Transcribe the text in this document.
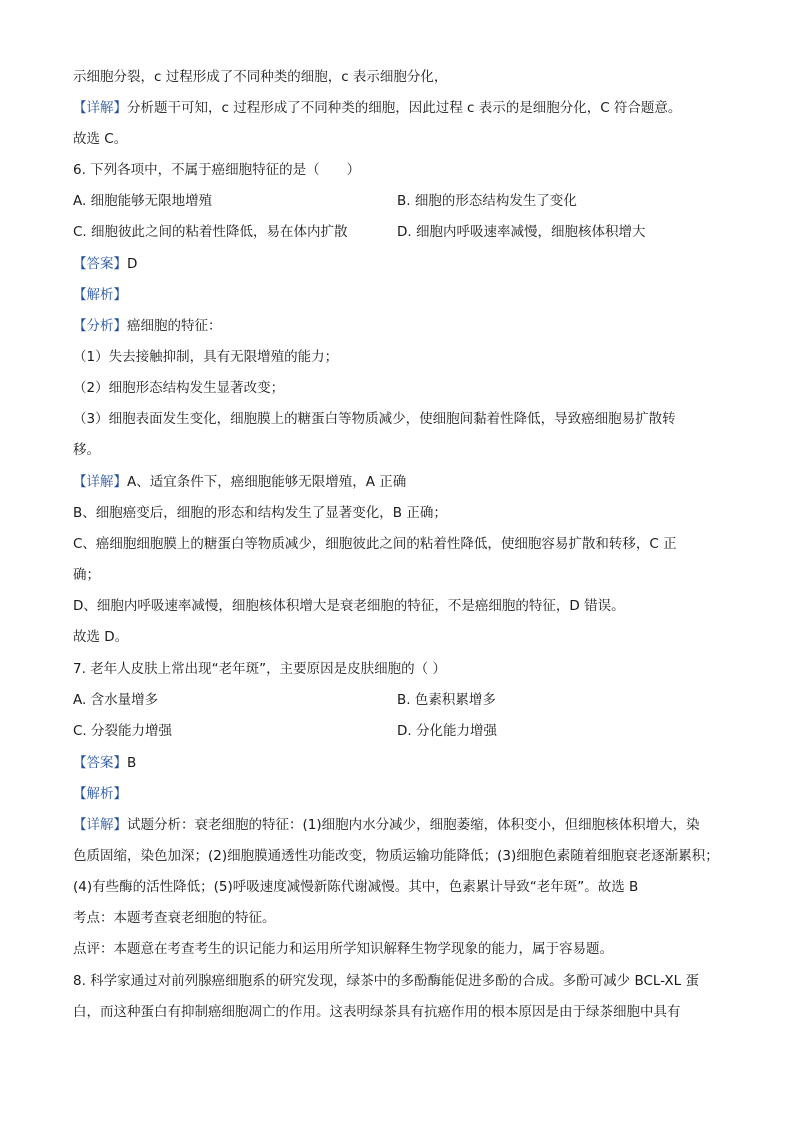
示细胞分裂，c 过程形成了不同种类的细胞，c 表示细胞分化，
【详解】分析题干可知，c 过程形成了不同种类的细胞，因此过程 c 表示的是细胞分化，C 符合题意。
故选 C。
6. 下列各项中，不属于癌细胞特征的是（　　）
A. 细胞能够无限地增殖	B. 细胞的形态结构发生了变化
C. 细胞彼此之间的粘着性降低，易在体内扩散	D. 细胞内呼吸速率减慢，细胞核体积增大
【答案】D
【解析】
【分析】癌细胞的特征：
（1）失去接触抑制，具有无限增殖的能力；
（2）细胞形态结构发生显著改变；
（3）细胞表面发生变化，细胞膜上的糖蛋白等物质减少，使细胞间黏着性降低，导致癌细胞易扩散转
移。
【详解】A、适宜条件下，癌细胞能够无限增殖，A 正确
B、细胞癌变后，细胞的形态和结构发生了显著变化，B 正确；
C、癌细胞细胞膜上的糖蛋白等物质减少，细胞彼此之间的粘着性降低，使细胞容易扩散和转移，C 正
确；
D、细胞内呼吸速率减慢，细胞核体积增大是衰老细胞的特征，不是癌细胞的特征，D 错误。
故选 D。
7. 老年人皮肤上常出现“老年斑”，主要原因是皮肤细胞的（ ）
A. 含水量增多	B. 色素积累增多
C. 分裂能力增强	D. 分化能力增强
【答案】B
【解析】
【详解】试题分析：衰老细胞的特征：(1)细胞内水分减少，细胞萎缩，体积变小，但细胞核体积增大，染
色质固缩，染色加深；(2)细胞膜通透性功能改变，物质运输功能降低；(3)细胞色素随着细胞衰老逐渐累积；
(4)有些酶的活性降低；(5)呼吸速度减慢新陈代谢减慢。其中，色素累计导致“老年斑”。故选 B
考点：本题考查衰老细胞的特征。
点评：本题意在考查考生的识记能力和运用所学知识解释生物学现象的能力，属于容易题。
8. 科学家通过对前列腺癌细胞系的研究发现，绿茶中的多酚酶能促进多酚的合成。多酚可减少 BCL-XL 蛋
白，而这种蛋白有抑制癌细胞凋亡的作用。这表明绿茶具有抗癌作用的根本原因是由于绿茶细胞中具有
